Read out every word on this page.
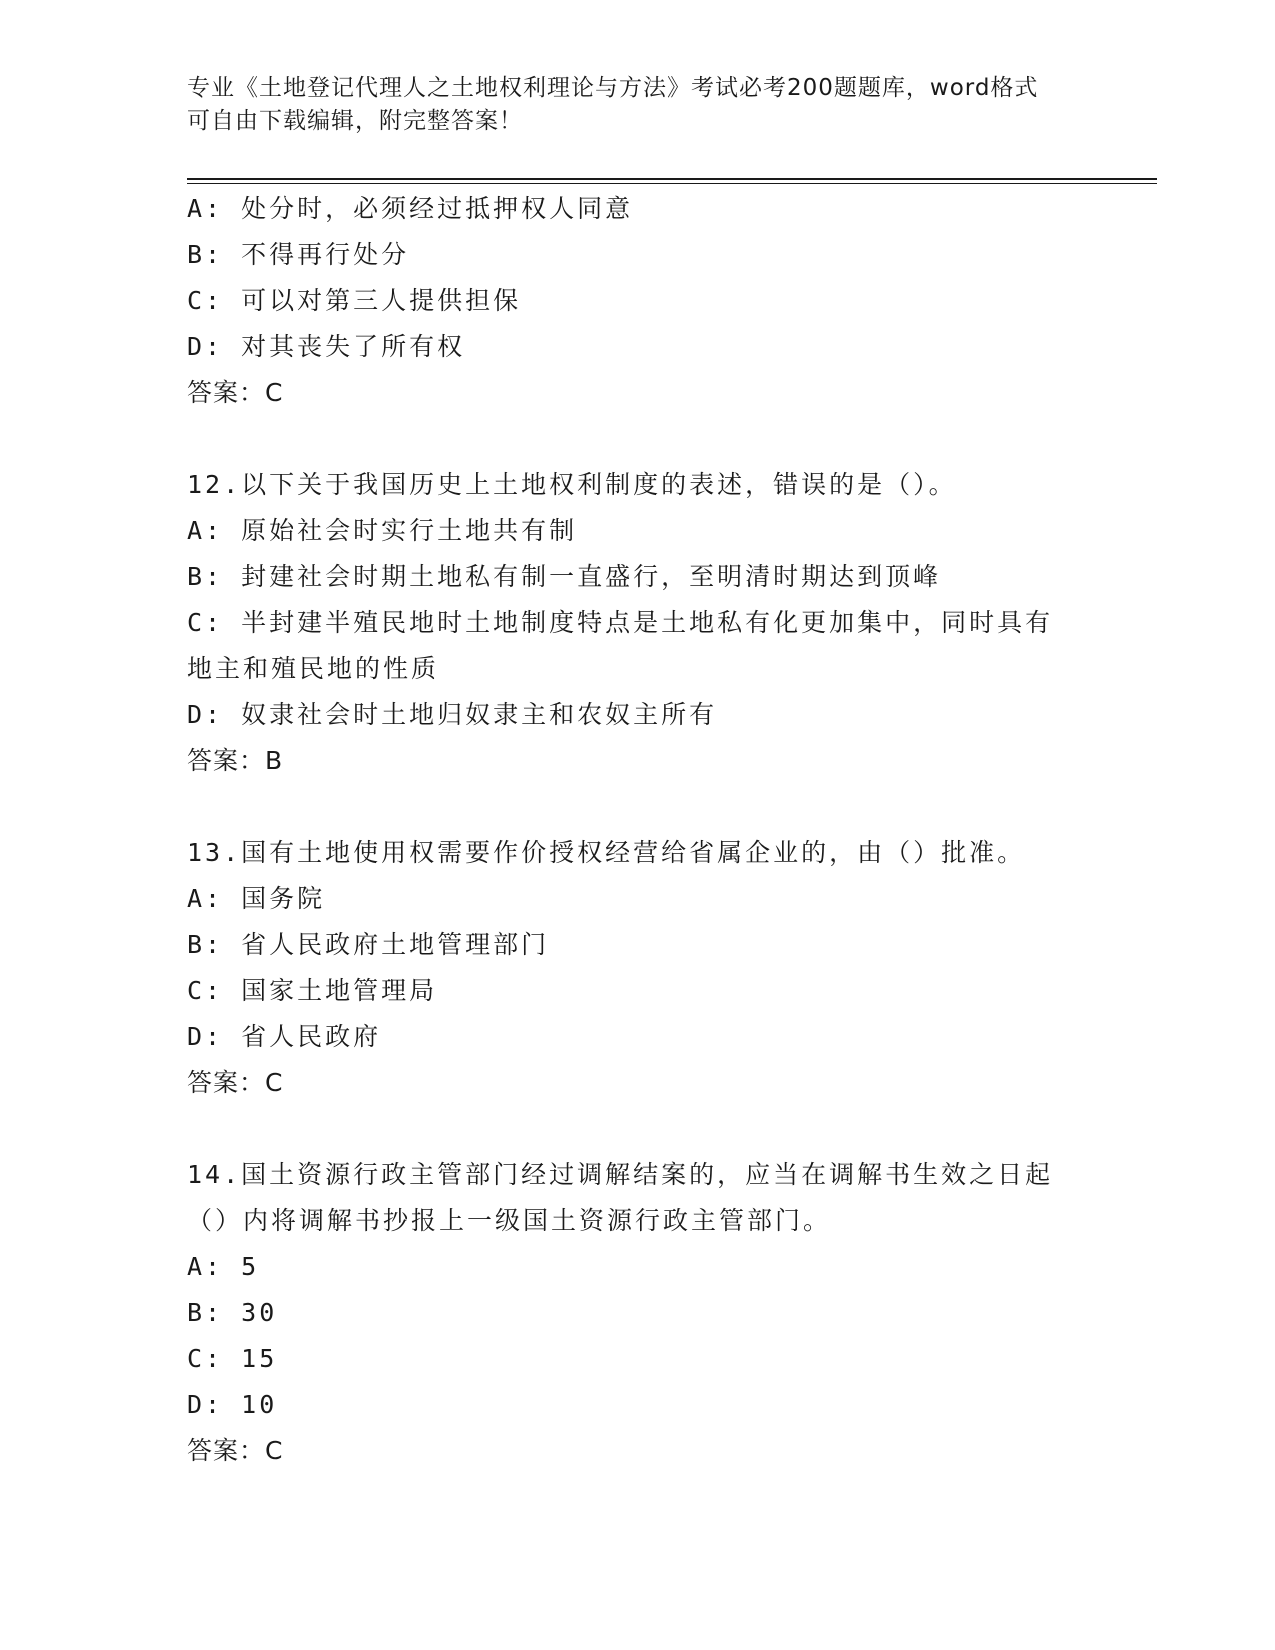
专业《土地登记代理人之土地权利理论与方法》考试必考200题题库，word格式
可自由下载编辑，附完整答案！
A: 处分时，必须经过抵押权人同意
B: 不得再行处分
C: 可以对第三人提供担保
D: 对其丧失了所有权
答案：C
12.以下关于我国历史上土地权利制度的表述，错误的是（）。
A: 原始社会时实行土地共有制
B: 封建社会时期土地私有制一直盛行，至明清时期达到顶峰
C: 半封建半殖民地时土地制度特点是土地私有化更加集中，同时具有
地主和殖民地的性质
D: 奴隶社会时土地归奴隶主和农奴主所有
答案：B
13.国有土地使用权需要作价授权经营给省属企业的，由（）批准。
A: 国务院
B: 省人民政府土地管理部门
C: 国家土地管理局
D: 省人民政府
答案：C
14.国土资源行政主管部门经过调解结案的，应当在调解书生效之日起
（）内将调解书抄报上一级国土资源行政主管部门。
A: 5
B: 30
C: 15
D: 10
答案：C
